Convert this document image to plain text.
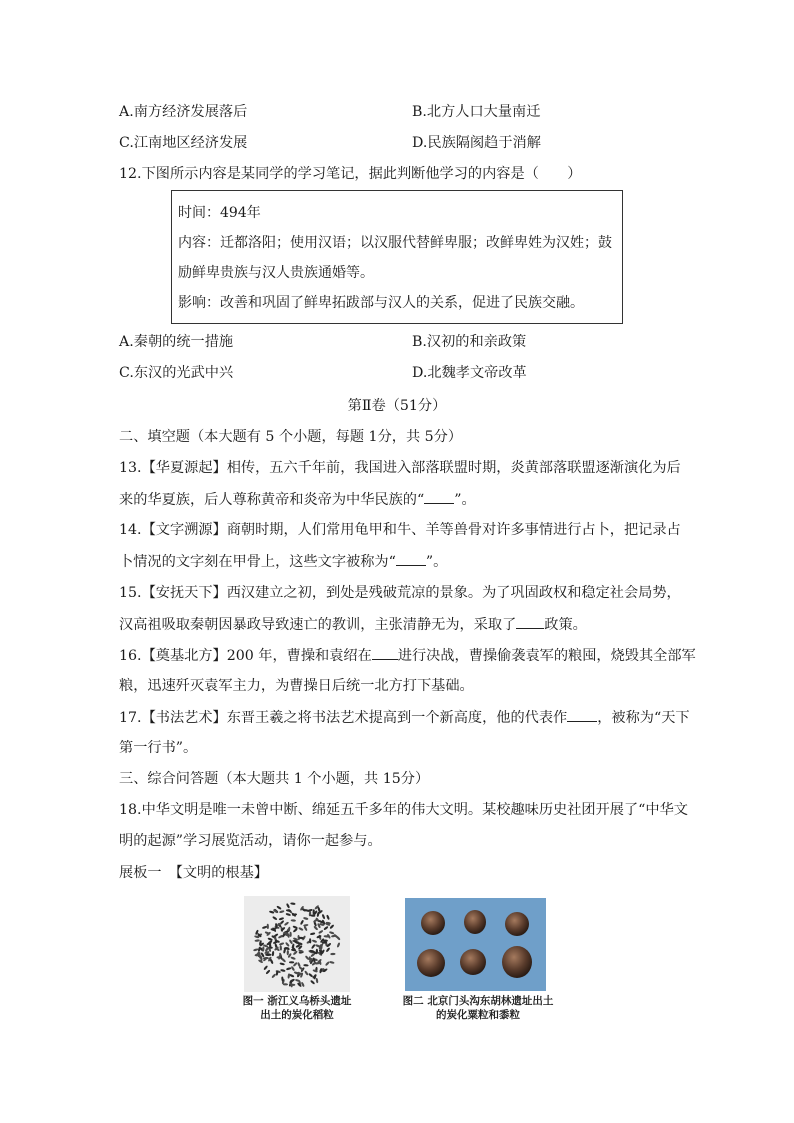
A.南方经济发展落后	B.北方人口大量南迁
C.江南地区经济发展	D.民族隔阂趋于消解
12.下图所示内容是某同学的学习笔记，据此判断他学习的内容是（　　）
时间：494年
内容：迁都洛阳；使用汉语；以汉服代替鲜卑服；改鲜卑姓为汉姓；鼓
励鲜卑贵族与汉人贵族通婚等。
影响：改善和巩固了鲜卑拓跋部与汉人的关系，促进了民族交融。
A.秦朝的统一措施	B.汉初的和亲政策
C.东汉的光武中兴	D.北魏孝文帝改革
第Ⅱ卷（51分）
二、填空题（本大题有 5 个小题，每题 1分，共 5分）
13.【华夏源起】相传，五六千年前，我国进入部落联盟时期，炎黄部落联盟逐渐演化为后
来的华夏族，后人尊称黄帝和炎帝为中华民族的“ ”。
14.【文字溯源】商朝时期，人们常用龟甲和牛、羊等兽骨对许多事情进行占卜，把记录占
卜情况的文字刻在甲骨上，这些文字被称为“ ”。
15.【安抚天下】西汉建立之初，到处是残破荒凉的景象。为了巩固政权和稳定社会局势，
汉高祖吸取秦朝因暴政导致速亡的教训，主张清静无为，采取了 政策。
16.【奠基北方】200 年，曹操和袁绍在 进行决战，曹操偷袭袁军的粮囤，烧毁其全部军
粮，迅速歼灭袁军主力，为曹操日后统一北方打下基础。
17.【书法艺术】东晋王羲之将书法艺术提高到一个新高度，他的代表作 ，被称为“天下
第一行书”。
三、综合问答题（本大题共 1 个小题，共 15分）
18.中华文明是唯一未曾中断、绵延五千多年的伟大文明。某校趣味历史社团开展了“中华文
明的起源”学习展览活动，请你一起参与。
展板一　【文明的根基】
图一 浙江义乌桥头遗址
出土的炭化稻粒
图二 北京门头沟东胡林遗址出土
的炭化粟粒和黍粒
